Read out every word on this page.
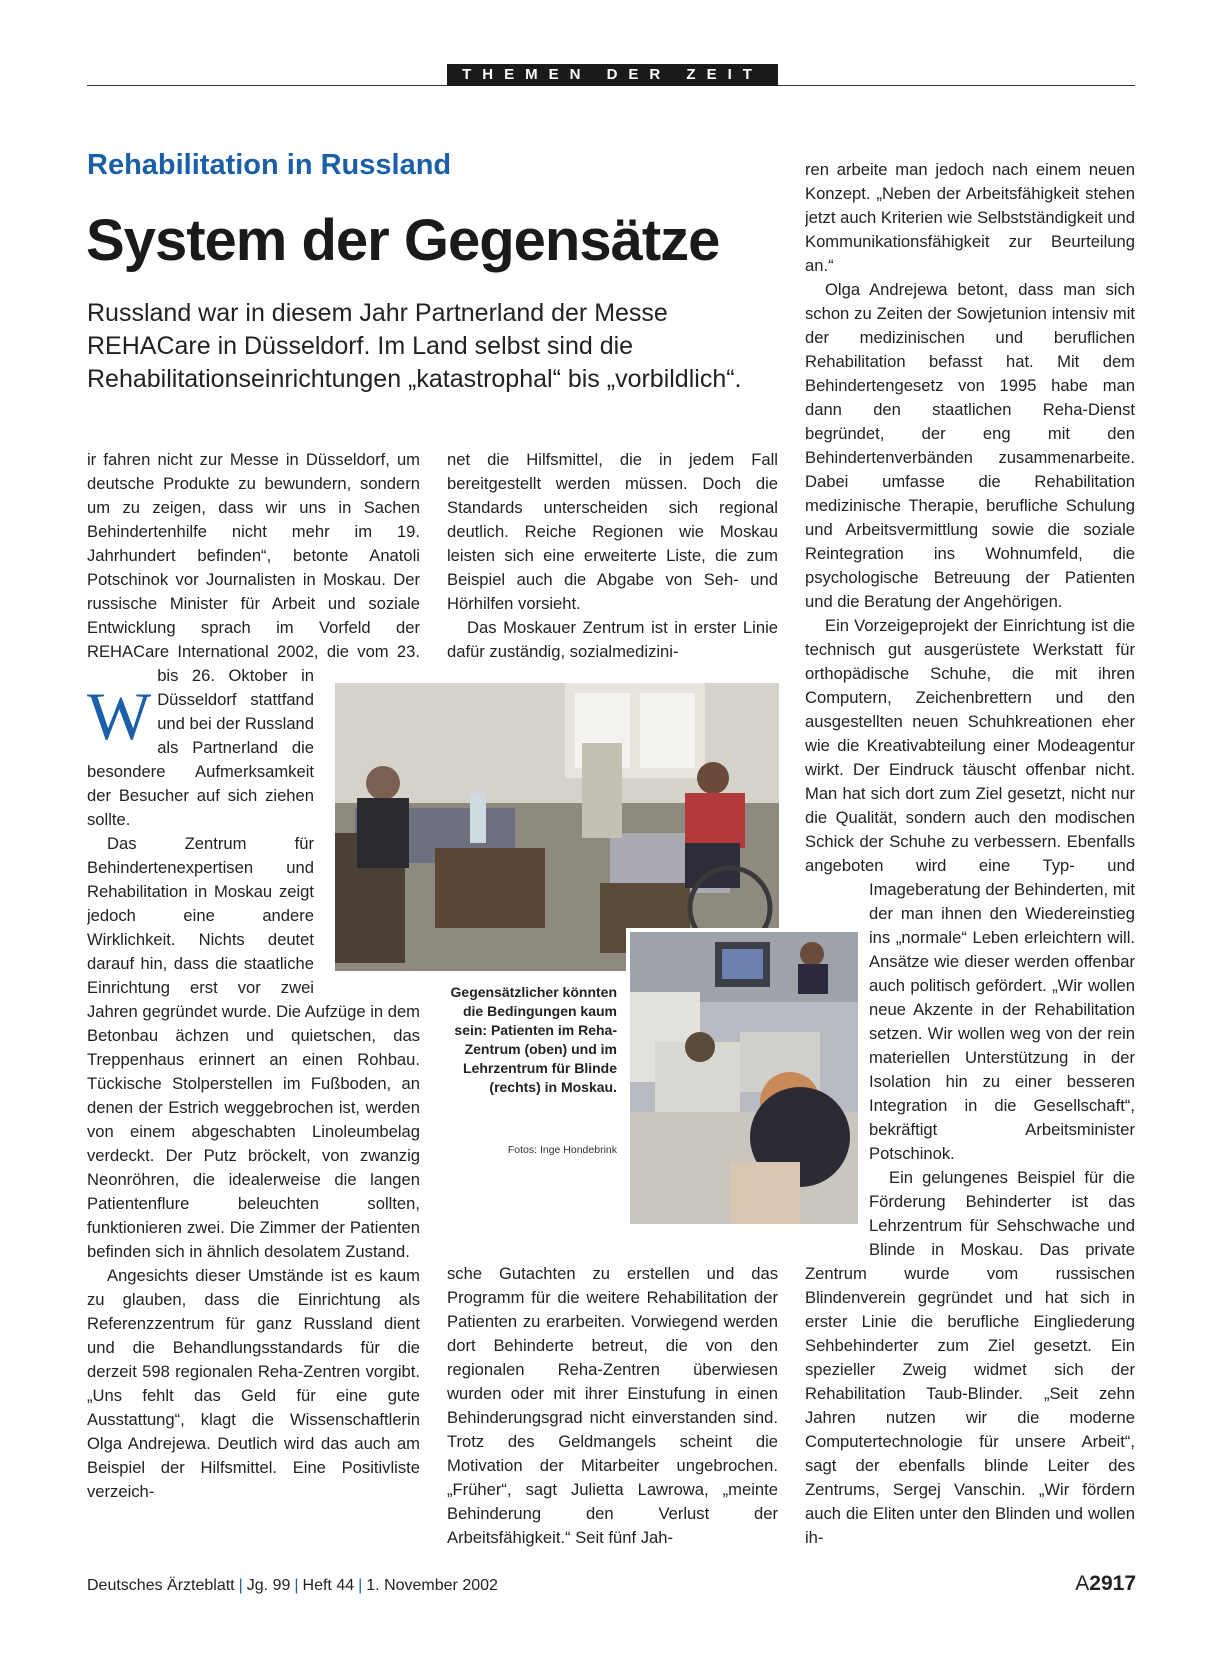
THEMEN DER ZEIT
Rehabilitation in Russland
System der Gegensätze
Russland war in diesem Jahr Partnerland der Messe REHACare in Düsseldorf. Im Land selbst sind die Rehabilitationseinrichtungen „katastrophal“ bis „vorbildlich“.

W
ir fahren nicht zur Messe in Düsseldorf, um deutsche Produkte zu bewundern, sondern um zu zeigen, dass wir uns in Sachen Behindertenhilfe nicht mehr im 19. Jahrhundert befinden“, betonte Anatoli Potschinok vor Journalisten in Moskau. Der russische Minister für Arbeit und soziale Entwicklung sprach im Vorfeld der REHACare International 2002, die vom 23. bis 26. Oktober in Düsseldorf stattfand und bei der Russland als Partnerland die besondere Aufmerksamkeit der Besucher auf sich ziehen sollte.

Das Zentrum für Behindertenexpertisen und Rehabilitation in Moskau zeigt jedoch eine andere Wirklichkeit. Nichts deutet darauf hin, dass die staatliche Einrichtung erst vor zwei Jahren gegründet wurde. Die Aufzüge in dem Betonbau ächzen und quietschen, das Treppenhaus erinnert an einen Rohbau. Tückische Stolperstellen im Fußboden, an denen der Estrich weggebrochen ist, werden von einem abgeschabten Linoleumbelag verdeckt. Der Putz bröckelt, von zwanzig Neonröhren, die idealerweise die langen Patientenflure beleuchten sollten, funktionieren zwei. Die Zimmer der Patienten befinden sich in ähnlich desolatem Zustand.

Angesichts dieser Umstände ist es kaum zu glauben, dass die Einrichtung als Referenzzentrum für ganz Russland dient und die Behandlungsstandards für die derzeit 598 regionalen Reha-Zentren vorgibt. „Uns fehlt das Geld für eine gute Ausstattung“, klagt die Wissenschaftlerin Olga Andrejewa. Deutlich wird das auch am Beispiel der Hilfsmittel. Eine Positivliste verzeich-

net die Hilfsmittel, die in jedem Fall bereitgestellt werden müssen. Doch die Standards unterscheiden sich regional deutlich. Reiche Regionen wie Moskau leisten sich eine erweiterte Liste, die zum Beispiel auch die Abgabe von Seh- und Hörhilfen vorsieht.

Das Moskauer Zentrum ist in erster Linie dafür zuständig, sozialmedizini-

sche Gutachten zu erstellen und das Programm für die weitere Rehabilitation der Patienten zu erarbeiten. Vorwiegend werden dort Behinderte betreut, die von den regionalen Reha-Zentren überwiesen wurden oder mit ihrer Einstufung in einen Behinderungsgrad nicht einverstanden sind. Trotz des Geldmangels scheint die Motivation der Mitarbeiter ungebrochen. „Früher“, sagt Julietta Lawrowa, „meinte Behinderung den Verlust der Arbeitsfähigkeit.“ Seit fünf Jah-

ren arbeite man jedoch nach einem neuen Konzept. „Neben der Arbeitsfähigkeit stehen jetzt auch Kriterien wie Selbstständigkeit und Kommunikationsfähigkeit zur Beurteilung an.“

Olga Andrejewa betont, dass man sich schon zu Zeiten der Sowjetunion intensiv mit der medizinischen und beruflichen Rehabilitation befasst hat. Mit dem Behindertengesetz von 1995 habe man dann den staatlichen Reha-Dienst begründet, der eng mit den Behindertenverbänden zusammenarbeite. Dabei umfasse die Rehabilitation medizinische Therapie, berufliche Schulung und Arbeitsvermittlung sowie die soziale Reintegration ins Wohnumfeld, die psychologische Betreuung der Patienten und die Beratung der Angehörigen.

Ein Vorzeigeprojekt der Einrichtung ist die technisch gut ausgerüstete Werkstatt für orthopädische Schuhe, die mit ihren Computern, Zeichenbrettern und den ausgestellten neuen Schuhkreationen eher wie die Kreativabteilung einer Modeagentur wirkt. Der Eindruck täuscht offenbar nicht. Man hat sich dort zum Ziel gesetzt, nicht nur die Qualität, sondern auch den modischen Schick der Schuhe zu verbessern. Ebenfalls angeboten wird eine Typ- und Imageberatung der Behinderten, mit der man ihnen den Wiedereinstieg ins „normale“ Leben erleichtern will. Ansätze wie dieser werden offenbar auch politisch gefördert. „Wir wollen neue Akzente in der Rehabilitation setzen. Wir wollen weg von der rein materiellen Unterstützung in der Isolation hin zu einer besseren Integration in die Gesellschaft“, bekräftigt Arbeitsminister Potschinok.

Ein gelungenes Beispiel für die Förderung Behinderter ist das Lehrzentrum für Sehschwache und Blinde in Moskau. Das private Zentrum wurde vom russischen Blindenverein gegründet und hat sich in erster Linie die berufliche Eingliederung Sehbehinderter zum Ziel gesetzt. Ein spezieller Zweig widmet sich der Rehabilitation Taub-Blinder. „Seit zehn Jahren nutzen wir die moderne Computertechnologie für unsere Arbeit“, sagt der ebenfalls blinde Leiter des Zentrums, Sergej Vanschin. „Wir fördern auch die Eliten unter den Blinden und wollen ih-

Gegensätzlicher könnten die Bedingungen kaum sein: Patienten im Reha-Zentrum (oben) und im Lehrzentrum für Blinde (rechts) in Moskau.
Fotos: Inge Hondebrink
Deutsches Ärzteblatt | Jg. 99 | Heft 44 | 1. November 2002	A2917
